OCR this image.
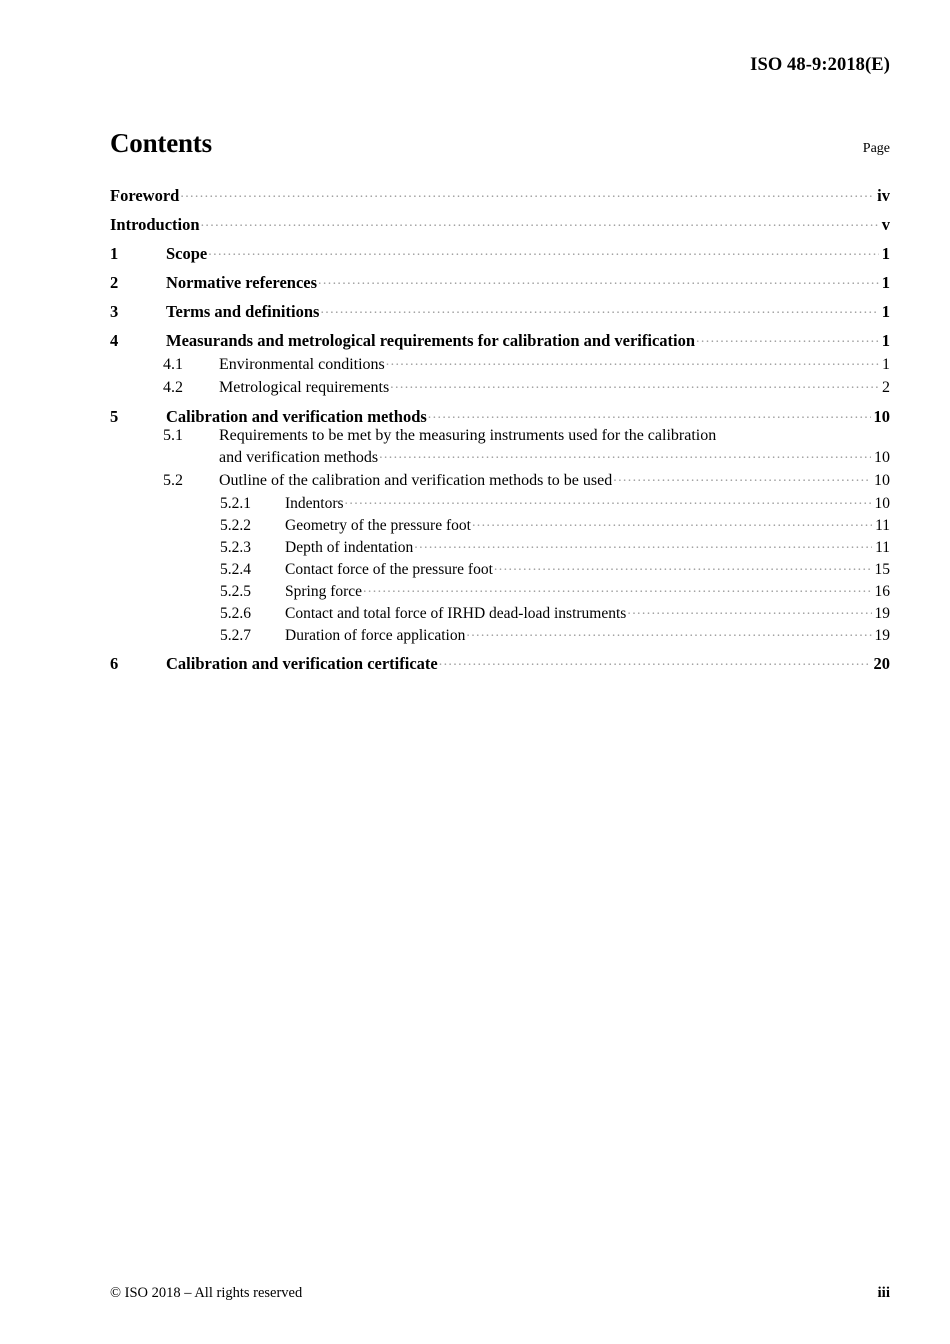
ISO 48-9:2018(E)
Contents	Page
Foreword .....	iv
Introduction .....	v
1	Scope .....	1
2	Normative references .....	1
3	Terms and definitions .....	1
4	Measurands and metrological requirements for calibration and verification .....	1
4.1	Environmental conditions .....	1
4.2	Metrological requirements .....	2
5	Calibration and verification methods .....	10
5.1	Requirements to be met by the measuring instruments used for the calibration
and verification methods .....	10
5.2	Outline of the calibration and verification methods to be used .....	10
5.2.1	Indentors .....	10
5.2.2	Geometry of the pressure foot .....	11
5.2.3	Depth of indentation .....	11
5.2.4	Contact force of the pressure foot .....	15
5.2.5	Spring force .....	16
5.2.6	Contact and total force of IRHD dead-load instruments .....	19
5.2.7	Duration of force application .....	19
6	Calibration and verification certificate .....	20
© ISO 2018 – All rights reserved	iii
